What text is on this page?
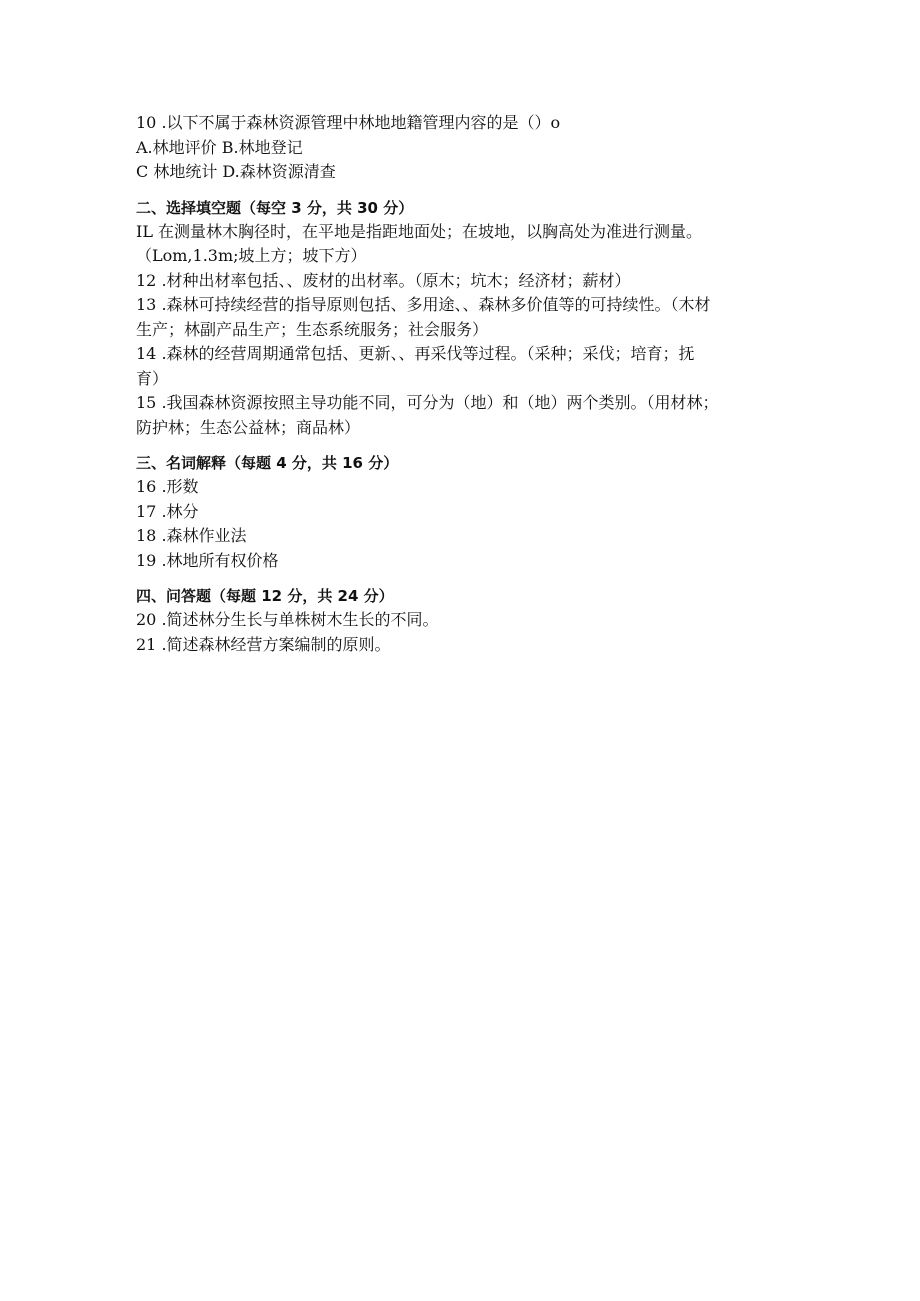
10 .以下不属于森林资源管理中林地地籍管理内容的是（）o

A.林地评价 B.林地登记

C 林地统计 D.森林资源清查

二、选择填空题（每空 3 分，共 30 分）

IL 在测量林木胸径时，在平地是指距地面处；在坡地，以胸高处为准进行测量。

（Lom,1.3m;坡上方；坡下方）

12 .材种出材率包括、、废材的出材率。（原木；坑木；经济材；薪材）

13 .森林可持续经营的指导原则包括、多用途、、森林多价值等的可持续性。（木材

生产；林副产品生产；生态系统服务；社会服务）

14 .森林的经营周期通常包括、更新、、再采伐等过程。（采种；采伐；培育；抚

育）

15 .我国森林资源按照主导功能不同，可分为（地）和（地）两个类别。（用材林；

防护林；生态公益林；商品林）

三、名词解释（每题 4 分，共 16 分）

16 .形数

17 .林分

18 .森林作业法

19 .林地所有权价格

四、问答题（每题 12 分，共 24 分）

20 .简述林分生长与单株树木生长的不同。

21 .简述森林经营方案编制的原则。
